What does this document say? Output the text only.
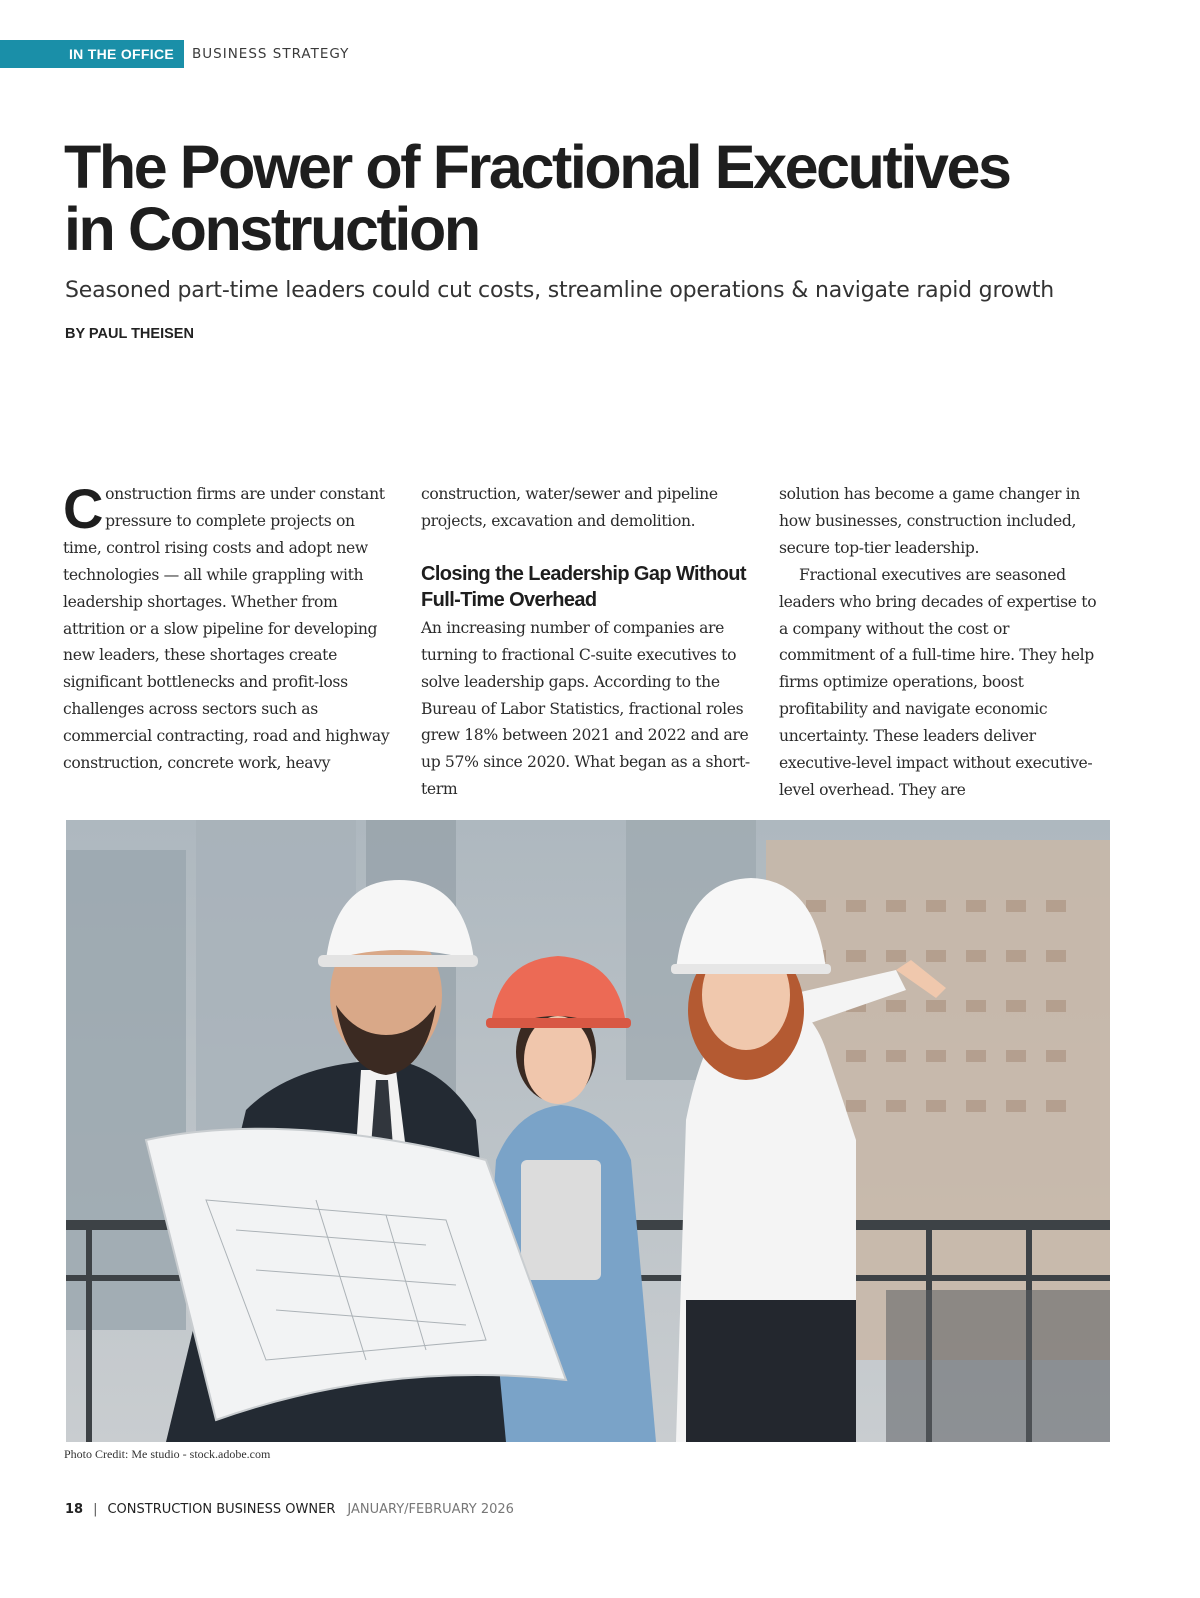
IN THE OFFICE	BUSINESS STRATEGY
The Power of Fractional Executives
in Construction

Seasoned part-time leaders could cut costs, streamline operations & navigate rapid growth

BY PAUL THEISEN

Construction firms are under constant pressure to complete projects on time, control rising costs and adopt new technologies — all while grappling with leadership shortages. Whether from attrition or a slow pipeline for developing new leaders, these shortages create significant bottlenecks and profit-loss challenges across sectors such as commercial contracting, road and highway construction, concrete work, heavy

construction, water/sewer and pipeline projects, excavation and demolition.

Closing the Leadership Gap Without Full-Time Overhead

An increasing number of companies are turning to fractional C-suite executives to solve leadership gaps. According to the Bureau of Labor Statistics, fractional roles grew 18% between 2021 and 2022 and are up 57% since 2020. What began as a short-term

solution has become a game changer in how businesses, construction included, secure top-tier leadership.

Fractional executives are seasoned leaders who bring decades of expertise to a company without the cost or commitment of a full-time hire. They help firms optimize operations, boost profitability and navigate economic uncertainty. These leaders deliver executive-level impact without executive-level overhead. They are

Photo Credit: Me studio - stock.adobe.com
18 | CONSTRUCTION BUSINESS OWNER JANUARY/FEBRUARY 2026
